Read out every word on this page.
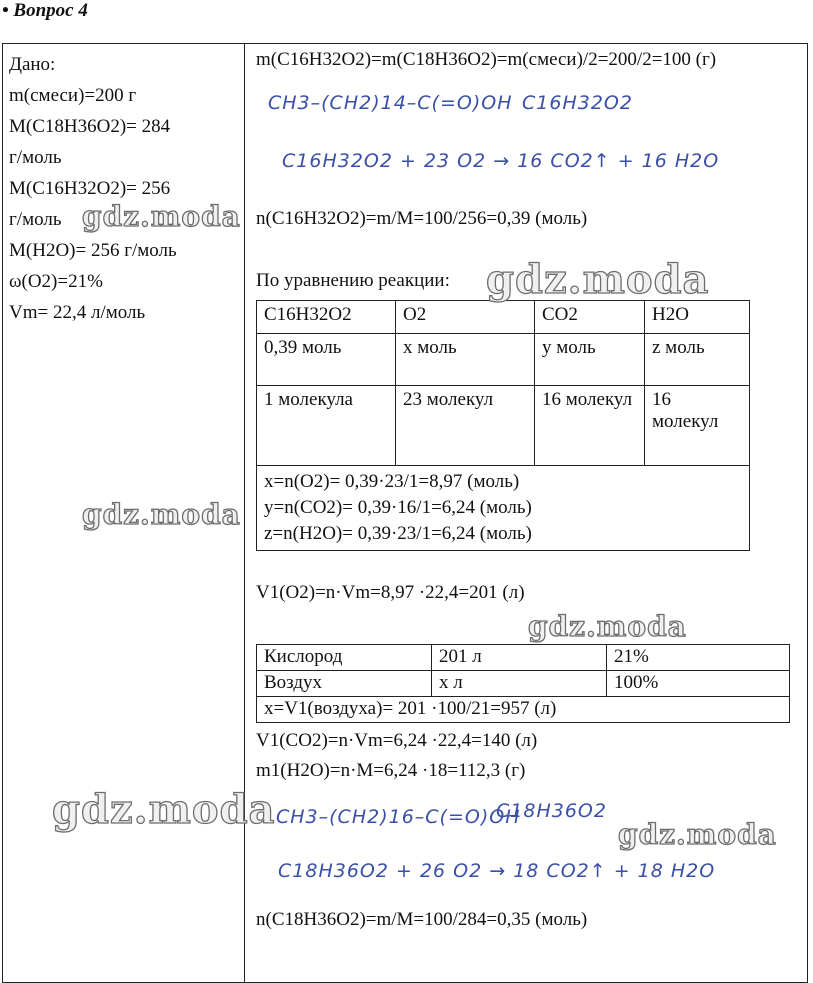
• Вопрос 4
Дано:
m(смеси)=200 г
M(C18H36O2)= 284
г/моль
M(C16H32O2)= 256
г/моль
M(H2O)= 256 г/моль
ω(O2)=21%
Vm= 22,4 л/моль
m(C16H32O2)=m(C18H36O2)=m(смеси)/2=200/2=100 (г)
CH3–(CH2)14–C(=O)OH C16H32O2
C16H32O2 + 23 O2 → 16 CO2↑ + 16 H2O
n(C16H32O2)=m/M=100/256=0,39 (моль)
По уравнению реакции:
C16H32O2	O2	CO2	H2O
0,39 моль	x моль	y моль	z моль
1 молекула	23 молекул	16 молекул	16 молекул

x=n(O2)= 0,39·23/1=8,97 (моль)
y=n(CO2)= 0,39·16/1=6,24 (моль)
z=n(H2O)= 0,39·23/1=6,24 (моль)			
V1(O2)=n·Vm=8,97 ·22,4=201 (л)
Кислород	201 л	21%
Воздух	x л	100%
x=V1(воздуха)= 201 ·100/21=957 (л)		
V1(CO2)=n·Vm=6,24 ·22,4=140 (л)
m1(H2O)=n·M=6,24 ·18=112,3 (г)
CH3–(CH2)16–C(=O)OH
C18H36O2
C18H36O2 + 26 O2 → 18 CO2↑ + 18 H2O
n(C18H36O2)=m/M=100/284=0,35 (моль)
gdz.moda
gdz.moda
gdz.moda
gdz.moda
gdz.moda
gdz.moda
